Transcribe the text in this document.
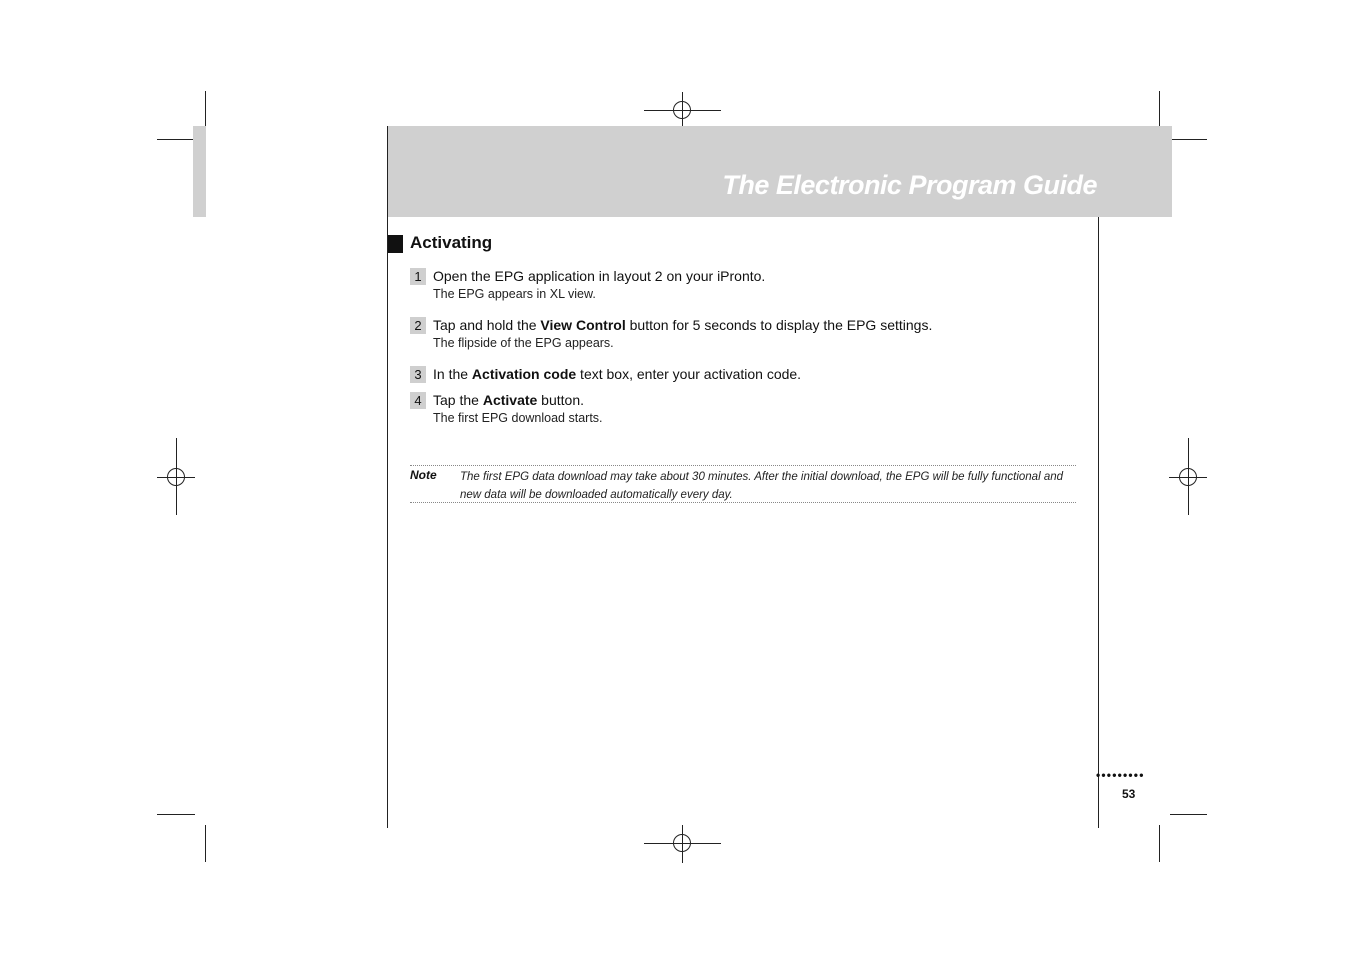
The Electronic Program Guide
Activating
1 Open the EPG application in layout 2 on your iPronto.
The EPG appears in XL view.
2 Tap and hold the View Control button for 5 seconds to display the EPG settings.
The flipside of the EPG appears.
3 In the Activation code text box, enter your activation code.
4 Tap the Activate button.
The first EPG download starts.
Note The first EPG data download may take about 30 minutes. After the initial download, the EPG will be fully functional and new data will be downloaded automatically every day.
•••••••••
53
